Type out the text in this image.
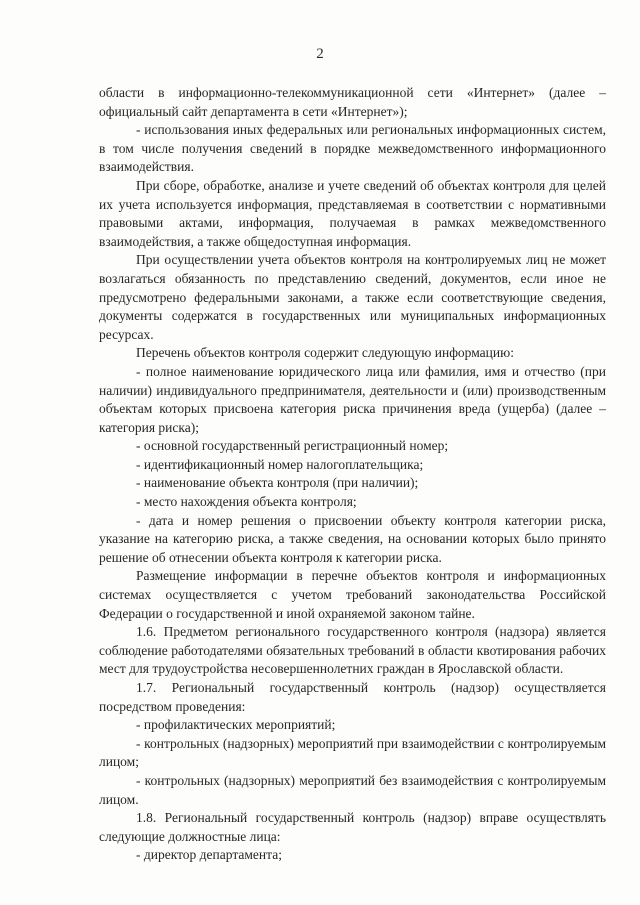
2

области в информационно-телекоммуникационной сети «Интернет» (далее – официальный сайт департамента в сети «Интернет»);

- использования иных федеральных или региональных информационных систем, в том числе получения сведений в порядке межведомственного информационного взаимодействия.

При сборе, обработке, анализе и учете сведений об объектах контроля для целей их учета используется информация, представляемая в соответствии с нормативными правовыми актами, информация, получаемая в рамках межведомственного взаимодействия, а также общедоступная информация.

При осуществлении учета объектов контроля на контролируемых лиц не может возлагаться обязанность по представлению сведений, документов, если иное не предусмотрено федеральными законами, а также если соответствующие сведения, документы содержатся в государственных или муниципальных информационных ресурсах.

Перечень объектов контроля содержит следующую информацию:

- полное наименование юридического лица или фамилия, имя и отчество (при наличии) индивидуального предпринимателя, деятельности и (или) производственным объектам которых присвоена категория риска причинения вреда (ущерба) (далее – категория риска);

- основной государственный регистрационный номер;

- идентификационный номер налогоплательщика;

- наименование объекта контроля (при наличии);

- место нахождения объекта контроля;

- дата и номер решения о присвоении объекту контроля категории риска, указание на категорию риска, а также сведения, на основании которых было принято решение об отнесении объекта контроля к категории риска.

Размещение информации в перечне объектов контроля и информационных системах осуществляется с учетом требований законодательства Российской Федерации о государственной и иной охраняемой законом тайне.

1.6. Предметом регионального государственного контроля (надзора) является соблюдение работодателями обязательных требований в области квотирования рабочих мест для трудоустройства несовершеннолетних граждан в Ярославской области.

1.7. Региональный государственный контроль (надзор) осуществляется посредством проведения:

- профилактических мероприятий;

- контрольных (надзорных) мероприятий при взаимодействии с контролируемым лицом;

- контрольных (надзорных) мероприятий без взаимодействия с контролируемым лицом.

1.8. Региональный государственный контроль (надзор) вправе осуществлять следующие должностные лица:

- директор департамента;
